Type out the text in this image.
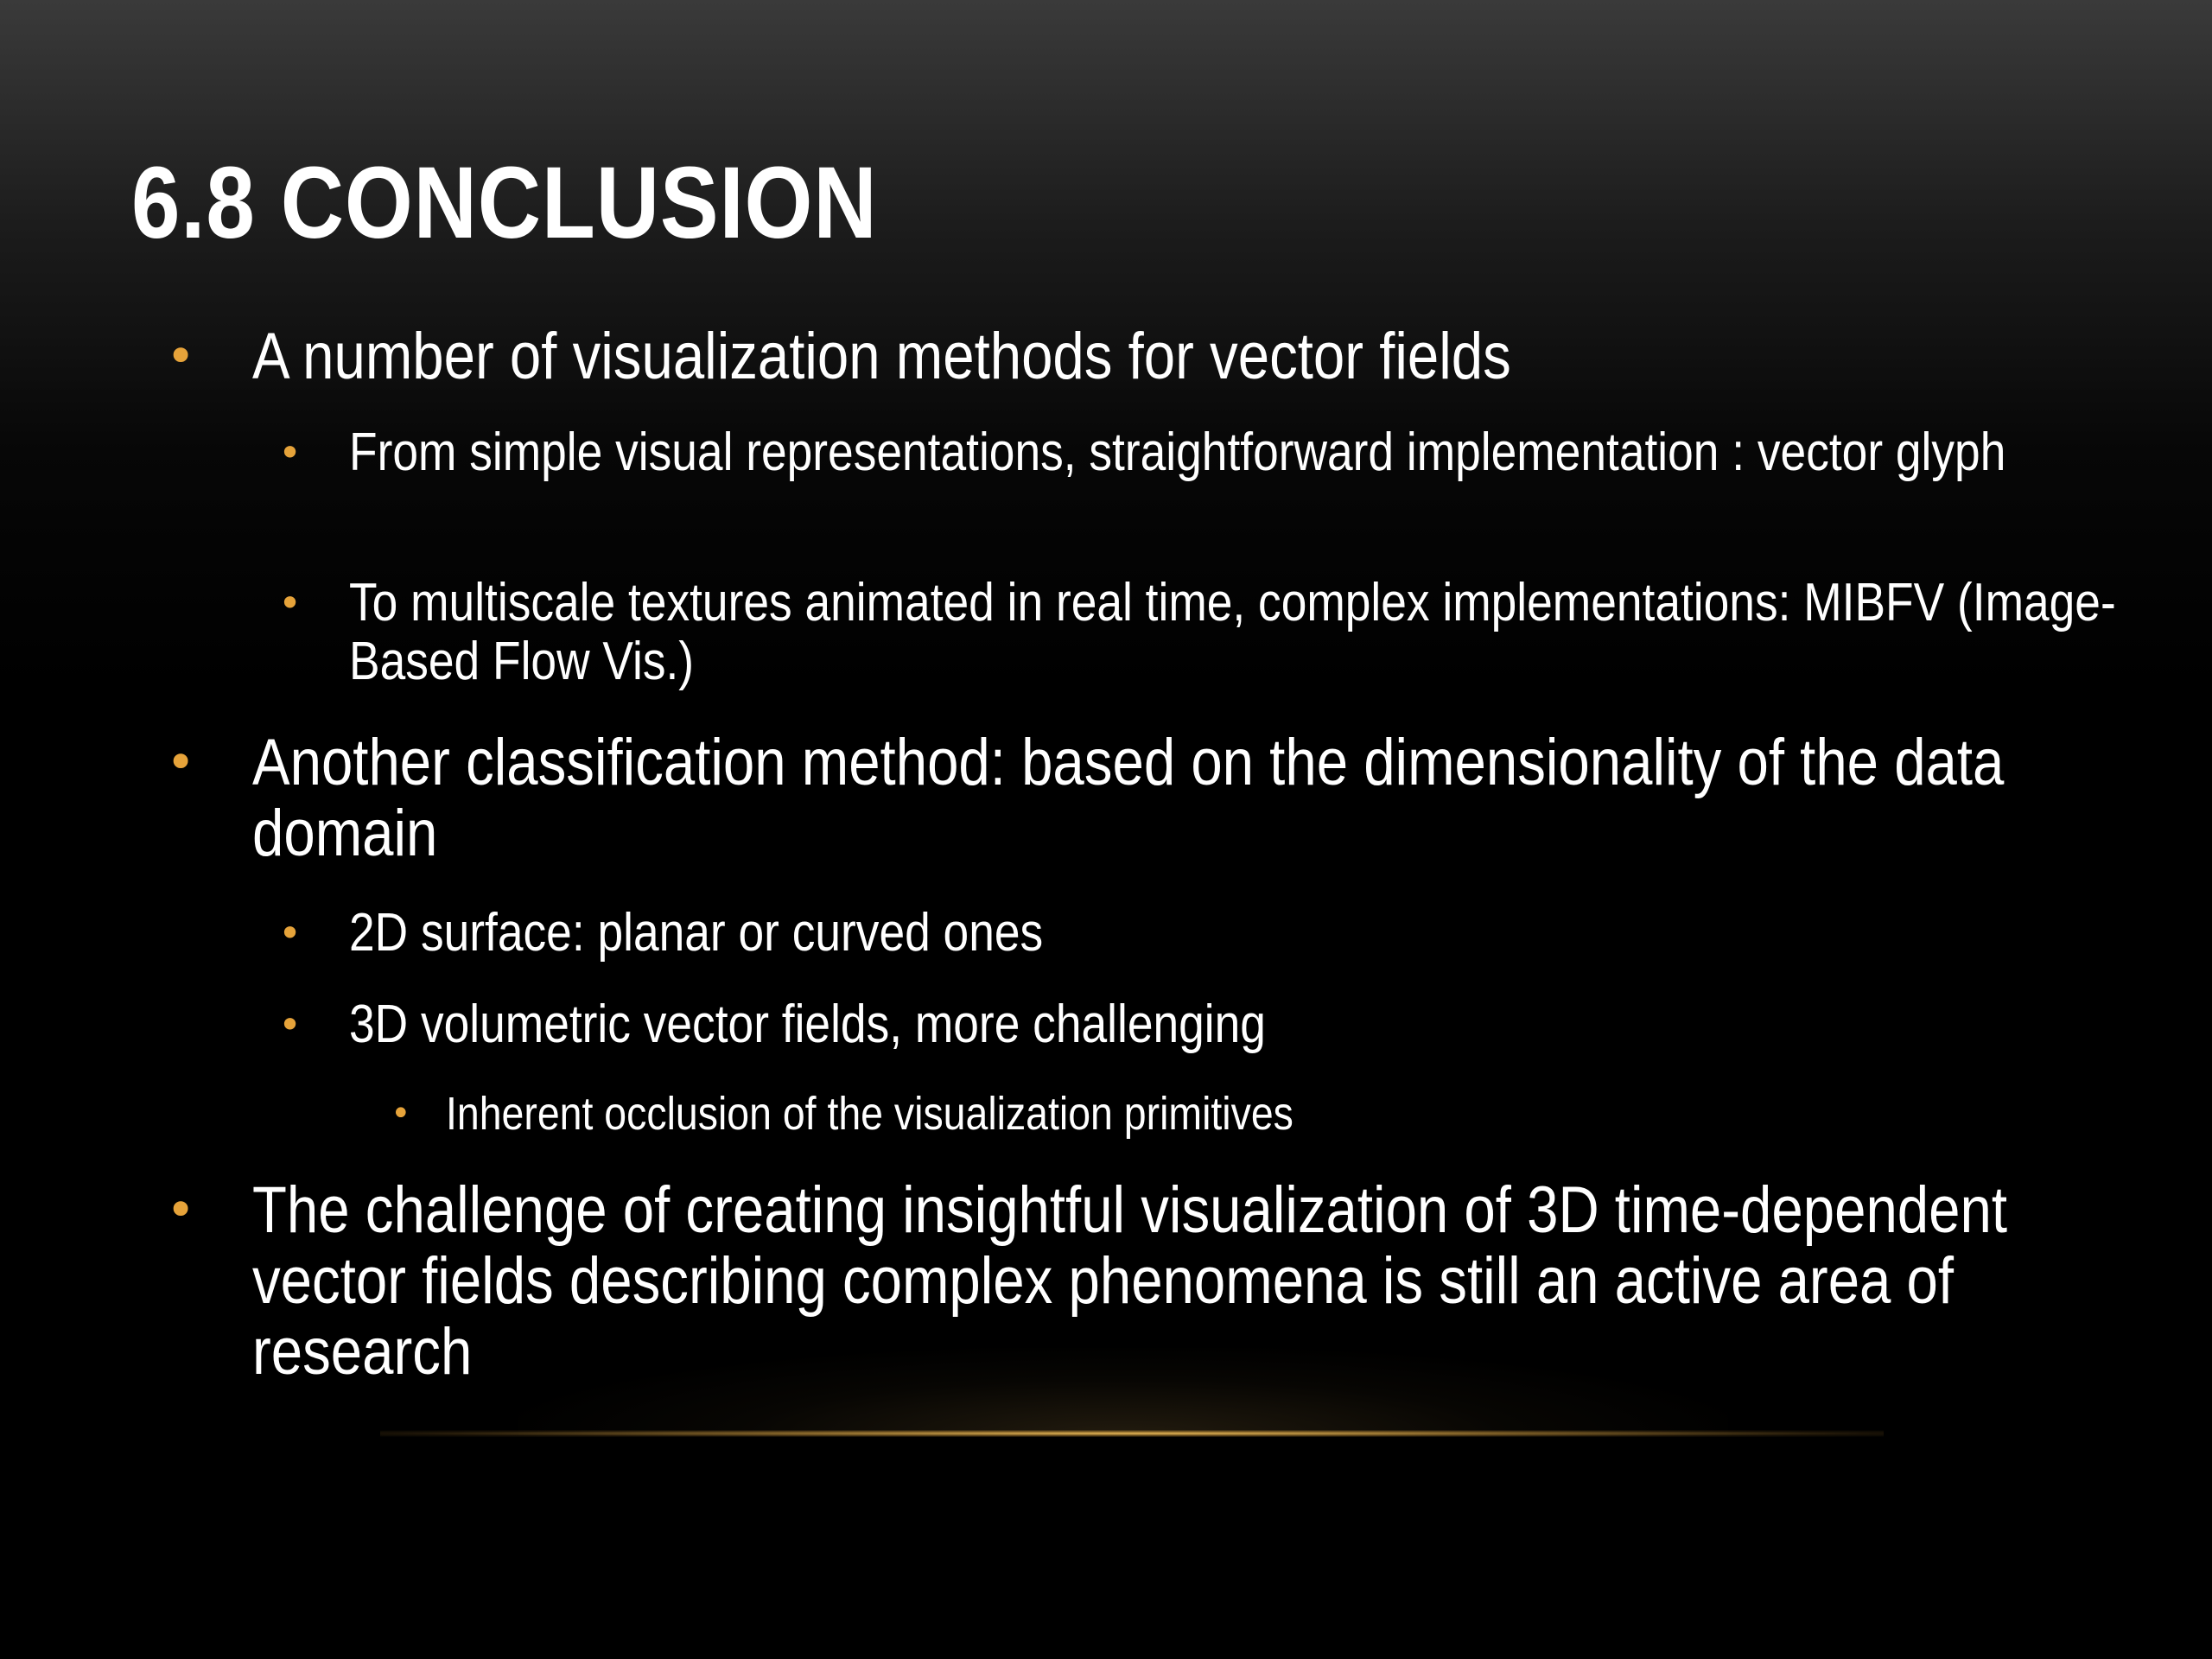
6.8 CONCLUSION
• A number of visualization methods for vector fields
• From simple visual representations, straightforward implementation : vector glyph
• To multiscale textures animated in real time, complex implementations: MIBFV (Image-Based Flow Vis.)
• Another classification method: based on the dimensionality of the data domain
• 2D surface: planar or curved ones
• 3D volumetric vector fields, more challenging
• Inherent occlusion of the visualization primitives
• The challenge of creating insightful visualization of 3D time-dependent vector fields describing complex phenomena is still an active area of research
